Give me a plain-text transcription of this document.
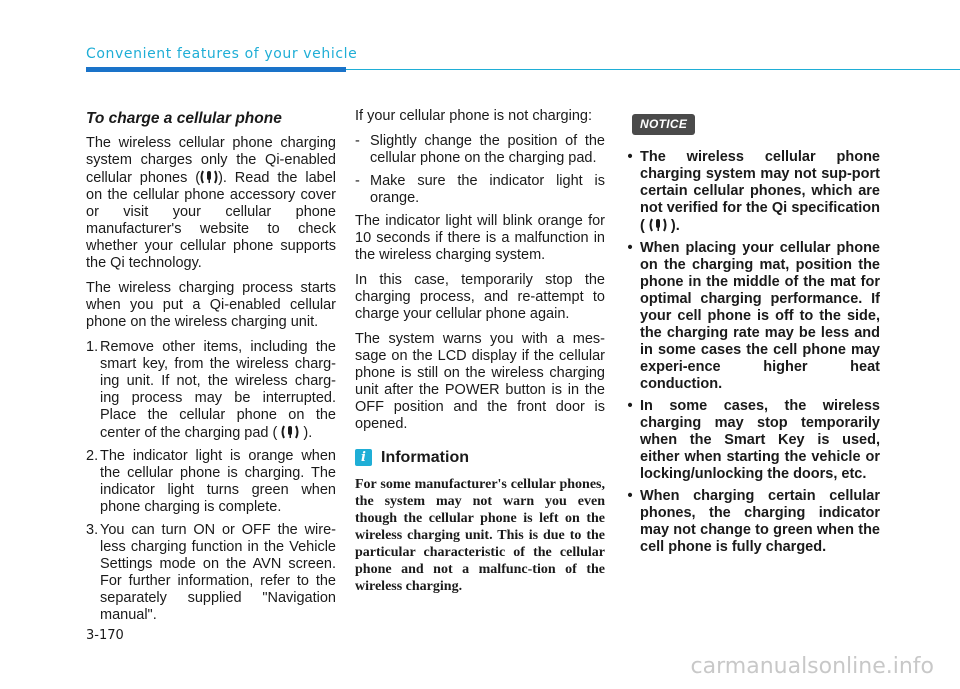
Convenient features of your vehicle
To charge a cellular phone

The wireless cellular phone charging system charges only the Qi-enabled cellular phones ( ). Read the label on the cellular phone accessory cover or visit your cellular phone manufacturer's website to check whether your cellular phone supports the Qi technology.

The wireless charging process starts when you put a Qi-enabled cellular phone on the wireless charging unit.

1. Remove other items, including the smart key, from the wireless charg-ing unit. If not, the wireless charg-ing process may be interrupted. Place the cellular phone on the center of the charging pad ( ).
2. The indicator light is orange when the cellular phone is charging. The indicator light turns green when phone charging is complete.
3. You can turn ON or OFF the wire-less charging function in the Vehicle Settings mode on the AVN screen. For further information, refer to the separately supplied "Navigation manual".

If your cellular phone is not charging:

- Slightly change the position of the cellular phone on the charging pad.
- Make sure the indicator light is orange.

The indicator light will blink orange for 10 seconds if there is a malfunction in the wireless charging system.

In this case, temporarily stop the charging process, and re-attempt to charge your cellular phone again.

The system warns you with a mes-sage on the LCD display if the cellular phone is still on the wireless charging unit after the POWER button is in the OFF position and the front door is opened.

i Information
For some manufacturer's cellular phones, the system may not warn you even though the cellular phone is left on the wireless charging unit. This is due to the particular characteristic of the cellular phone and not a malfunc-tion of the wireless charging.
NOTICE
• The wireless cellular phone charging system may not sup-port certain cellular phones, which are not verified for the Qi specification ( ).
• When placing your cellular phone on the charging mat, position the phone in the middle of the mat for optimal charging performance. If your cell phone is off to the side, the charging rate may be less and in some cases the cell phone may experi-ence higher heat conduction.
• In some cases, the wireless charging may stop temporarily when the Smart Key is used, either when starting the vehicle or locking/unlocking the doors, etc.
• When charging certain cellular phones, the charging indicator may not change to green when the cell phone is fully charged.
3-170
carmanualsonline.info
